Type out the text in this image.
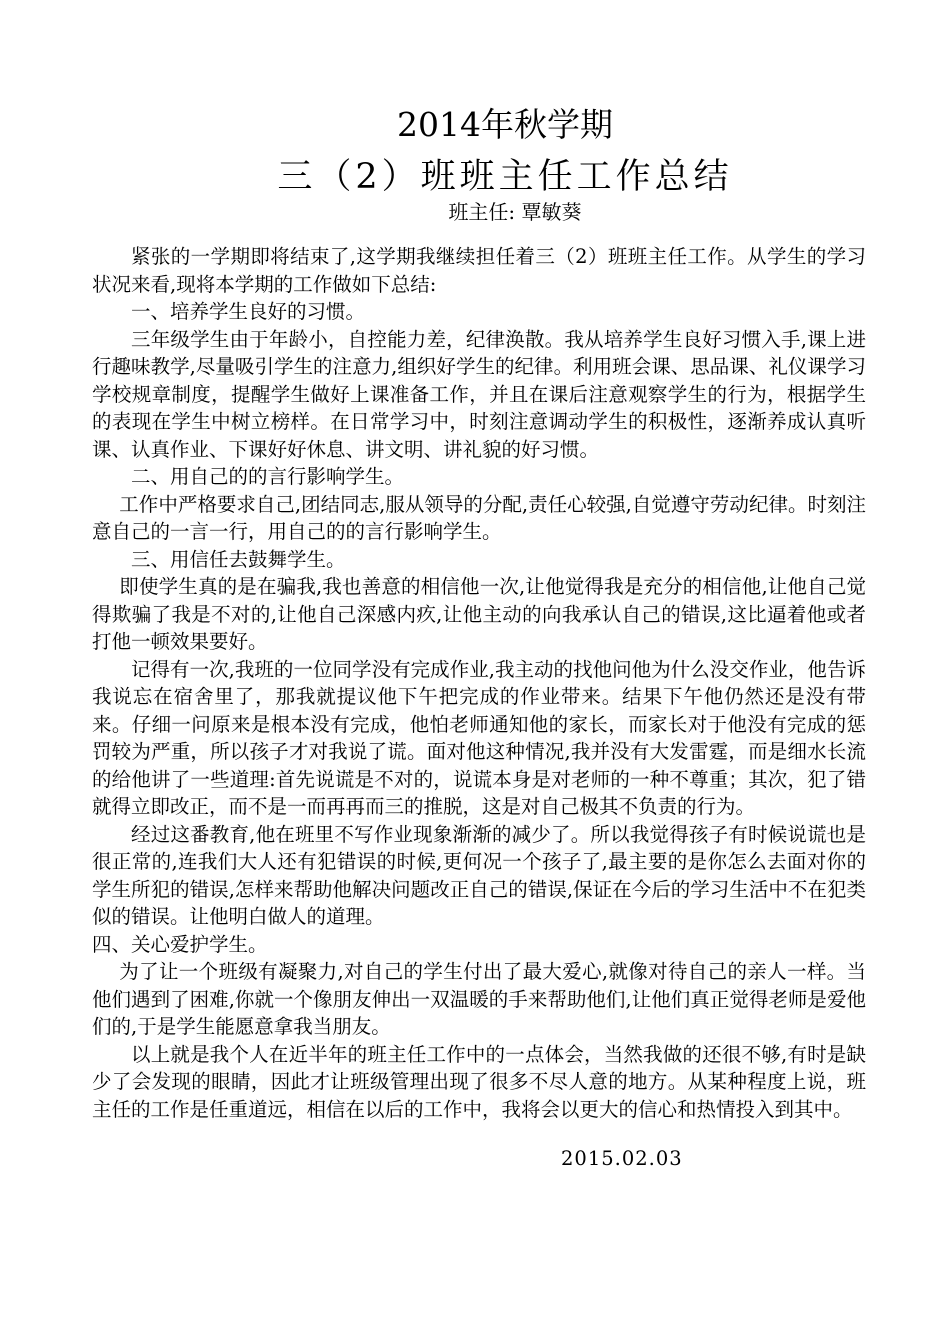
2014年秋学期
三（2）班班主任工作总结
班主任: 覃敏葵

紧张的一学期即将结束了,这学期我继续担任着三（2）班班主任工作。从学生的学习状况来看,现将本学期的工作做如下总结:

一、培养学生良好的习惯。

三年级学生由于年龄小，自控能力差，纪律涣散。我从培养学生良好习惯入手,课上进行趣味教学,尽量吸引学生的注意力,组织好学生的纪律。利用班会课、思品课、礼仪课学习学校规章制度，提醒学生做好上课准备工作，并且在课后注意观察学生的行为，根据学生的表现在学生中树立榜样。在日常学习中，时刻注意调动学生的积极性，逐渐养成认真听课、认真作业、下课好好休息、讲文明、讲礼貌的好习惯。

二、用自己的的言行影响学生。

工作中严格要求自己,团结同志,服从领导的分配,责任心较强,自觉遵守劳动纪律。时刻注意自己的一言一行，用自己的的言行影响学生。

三、用信任去鼓舞学生。

即使学生真的是在骗我,我也善意的相信他一次,让他觉得我是充分的相信他,让他自己觉得欺骗了我是不对的,让他自己深感内疚,让他主动的向我承认自己的错误,这比逼着他或者打他一顿效果要好。

记得有一次,我班的一位同学没有完成作业,我主动的找他问他为什么没交作业，他告诉我说忘在宿舍里了，那我就提议他下午把完成的作业带来。结果下午他仍然还是没有带来。仔细一问原来是根本没有完成，他怕老师通知他的家长，而家长对于他没有完成的惩罚较为严重，所以孩子才对我说了谎。面对他这种情况,我并没有大发雷霆，而是细水长流的给他讲了一些道理:首先说谎是不对的，说谎本身是对老师的一种不尊重；其次，犯了错就得立即改正，而不是一而再再而三的推脱，这是对自己极其不负责的行为。

经过这番教育,他在班里不写作业现象渐渐的减少了。所以我觉得孩子有时候说谎也是很正常的,连我们大人还有犯错误的时候,更何况一个孩子了,最主要的是你怎么去面对你的学生所犯的错误,怎样来帮助他解决问题改正自己的错误,保证在今后的学习生活中不在犯类似的错误。让他明白做人的道理。

四、关心爱护学生。

为了让一个班级有凝聚力,对自己的学生付出了最大爱心,就像对待自己的亲人一样。当他们遇到了困难,你就一个像朋友伸出一双温暖的手来帮助他们,让他们真正觉得老师是爱他们的,于是学生能愿意拿我当朋友。

以上就是我个人在近半年的班主任工作中的一点体会，当然我做的还很不够,有时是缺少了会发现的眼睛，因此才让班级管理出现了很多不尽人意的地方。从某种程度上说，班主任的工作是任重道远，相信在以后的工作中，我将会以更大的信心和热情投入到其中。

2015.02.03
